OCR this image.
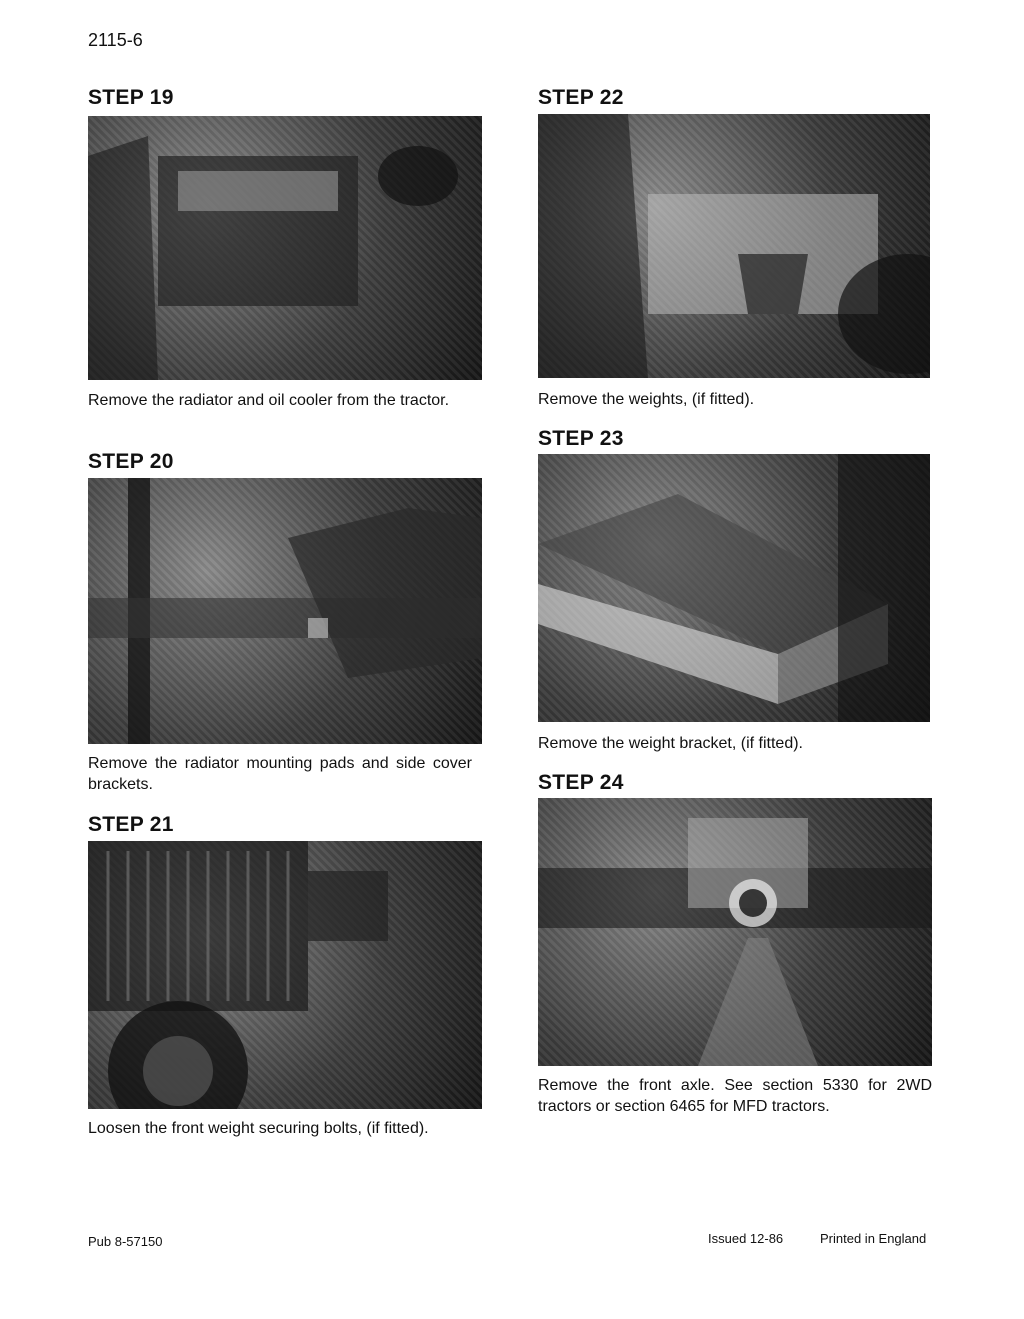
2115-6
STEP 19
Remove the radiator and oil cooler from the tractor.
STEP 20
Remove the radiator mounting pads and side cover brackets.
STEP 21
Loosen the front weight securing bolts, (if fitted).
STEP 22
Remove the weights, (if fitted).
STEP 23
Remove the weight bracket, (if fitted).
STEP 24
Remove the front axle. See section 5330 for 2WD tractors or section 6465 for MFD tractors.
Pub 8-57150	Issued 12-86	Printed in England
